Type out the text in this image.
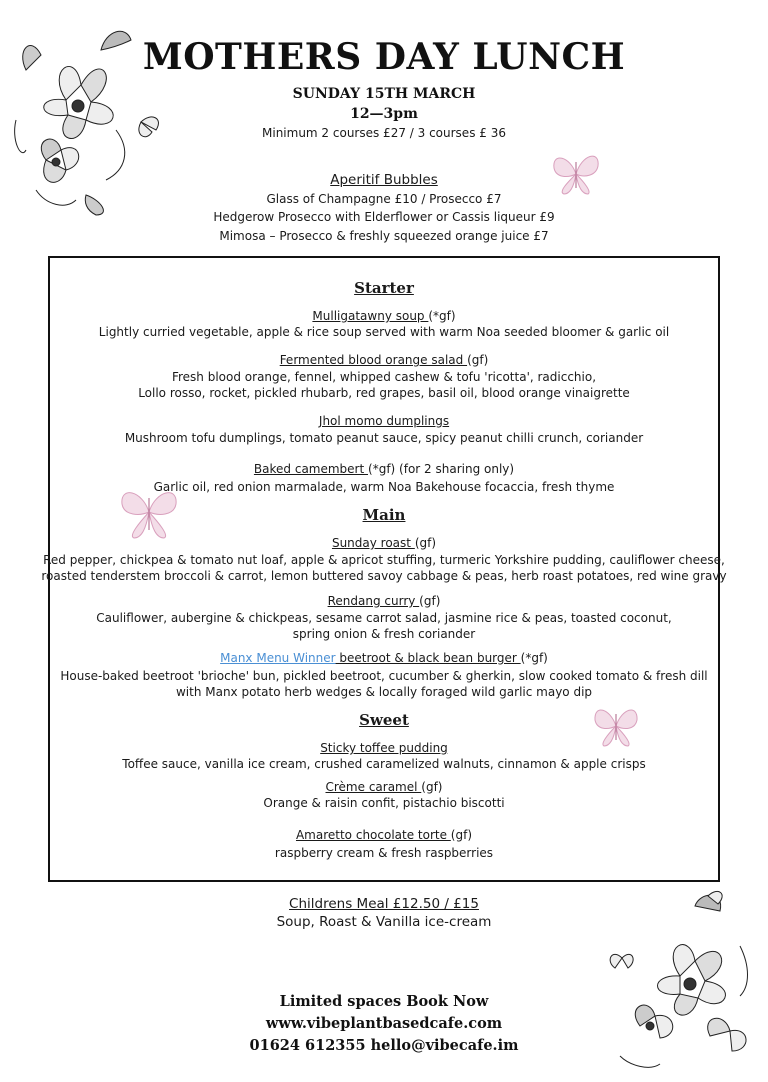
MOTHERS DAY LUNCH
SUNDAY 15TH MARCH
12—3pm
Minimum 2 courses £27 / 3 courses £ 36
Aperitif Bubbles
Glass of Champagne £10 / Prosecco £7
Hedgerow Prosecco with Elderflower or Cassis liqueur £9
Mimosa – Prosecco & freshly squeezed orange juice £7
Starter
Mulligatawny soup (*gf)
Lightly curried vegetable, apple & rice soup served with warm Noa seeded bloomer & garlic oil
Fermented blood orange salad (gf)
Fresh blood orange, fennel, whipped cashew & tofu 'ricotta', radicchio,
Lollo rosso, rocket, pickled rhubarb, red grapes, basil oil, blood orange vinaigrette
Jhol momo dumplings
Mushroom tofu dumplings, tomato peanut sauce, spicy peanut chilli crunch, coriander
Baked camembert (*gf) (for 2 sharing only)
Garlic oil, red onion marmalade, warm Noa Bakehouse focaccia, fresh thyme
Main
Sunday roast (gf)
Red pepper, chickpea & tomato nut loaf, apple & apricot stuffing, turmeric Yorkshire pudding, cauliflower cheese,
roasted tenderstem broccoli & carrot, lemon buttered savoy cabbage & peas, herb roast potatoes, red wine gravy
Rendang curry (gf)
Cauliflower, aubergine & chickpeas, sesame carrot salad, jasmine rice & peas, toasted coconut,
spring onion & fresh coriander
Manx Menu Winner beetroot & black bean burger (*gf)
House-baked beetroot 'brioche' bun, pickled beetroot, cucumber & gherkin, slow cooked tomato & fresh dill
with Manx potato herb wedges & locally foraged wild garlic mayo dip
Sweet
Sticky toffee pudding
Toffee sauce, vanilla ice cream, crushed caramelized walnuts, cinnamon & apple crisps
Crème caramel (gf)
Orange & raisin confit, pistachio biscotti
Amaretto chocolate torte (gf)
raspberry cream & fresh raspberries
Childrens Meal £12.50 / £15
Soup, Roast & Vanilla ice-cream
Limited spaces Book Now
www.vibeplantbasedcafe.com
01624 612355 hello@vibecafe.im
